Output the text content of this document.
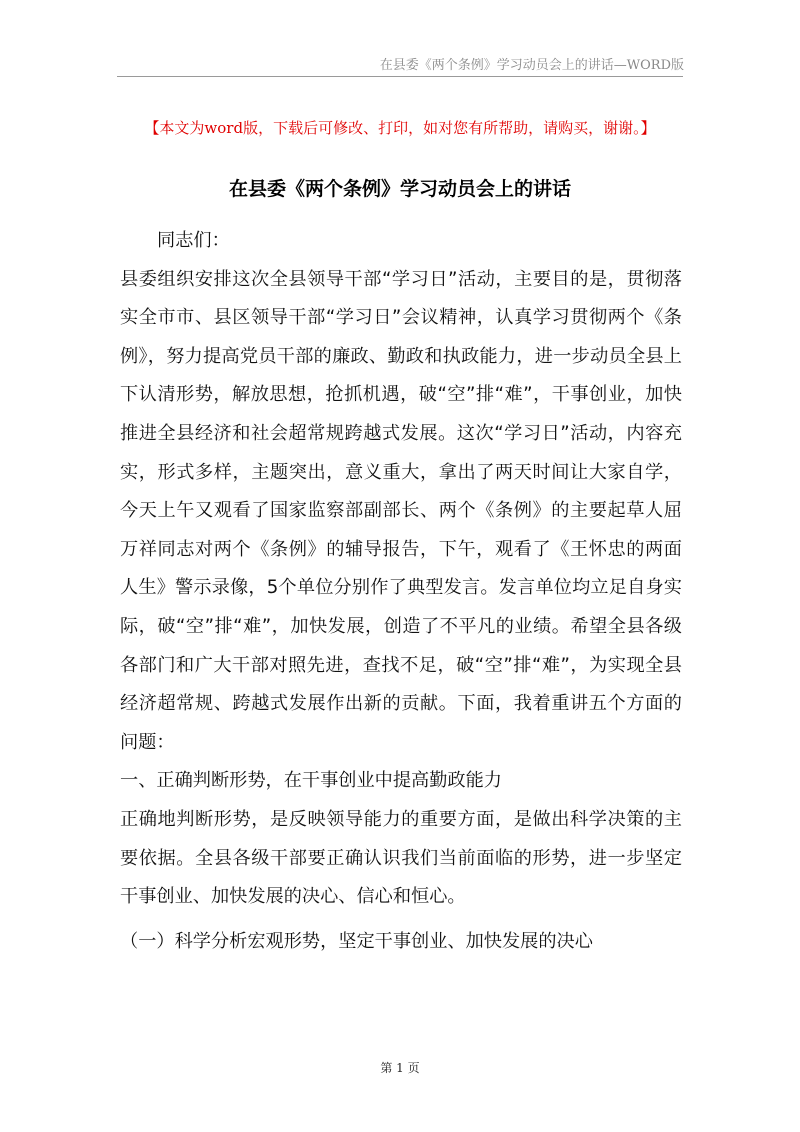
在县委《两个条例》学习动员会上的讲话—WORD版
【本文为word版，下载后可修改、打印，如对您有所帮助，请购买，谢谢。】
在县委《两个条例》学习动员会上的讲话

同志们：

县委组织安排这次全县领导干部“学习日”活动，主要目的是，贯彻落实全市市、县区领导干部“学习日”会议精神，认真学习贯彻两个《条例》，努力提高党员干部的廉政、勤政和执政能力，进一步动员全县上下认清形势，解放思想，抢抓机遇，破“空”排“难”，干事创业，加快推进全县经济和社会超常规跨越式发展。这次“学习日”活动，内容充实，形式多样，主题突出，意义重大，拿出了两天时间让大家自学，今天上午又观看了国家监察部副部长、两个《条例》的主要起草人屈万祥同志对两个《条例》的辅导报告，下午，观看了《王怀忠的两面人生》警示录像，5个单位分别作了典型发言。发言单位均立足自身实际，破“空”排“难”，加快发展，创造了不平凡的业绩。希望全县各级各部门和广大干部对照先进，查找不足，破“空”排“难”，为实现全县经济超常规、跨越式发展作出新的贡献。下面，我着重讲五个方面的问题：

一、正确判断形势，在干事创业中提高勤政能力

正确地判断形势，是反映领导能力的重要方面，是做出科学决策的主要依据。全县各级干部要正确认识我们当前面临的形势，进一步坚定干事创业、加快发展的决心、信心和恒心。

（一）科学分析宏观形势，坚定干事创业、加快发展的决心

第 1 页
